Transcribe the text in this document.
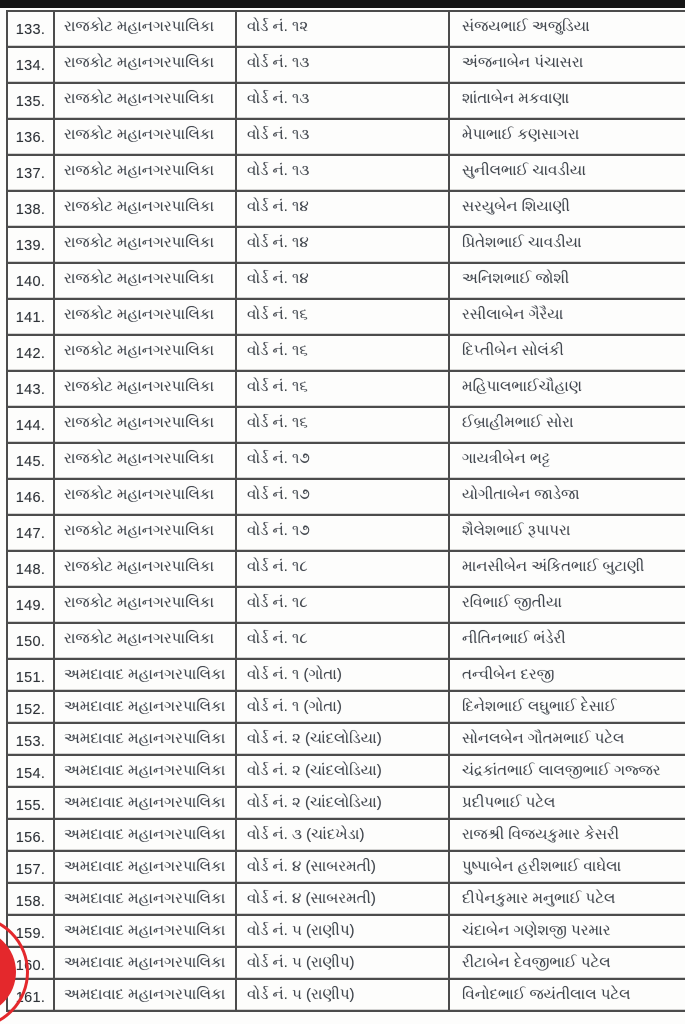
133.	રાજકોટ મહાનગરપાલિકા	વોર્ડ નં. ૧૨	સંજયભાઈ અજુડિયા
134.	રાજકોટ મહાનગરપાલિકા	વોર્ડ નં. ૧૩	અંજનાબેન પંચાસરા
135.	રાજકોટ મહાનગરપાલિકા	વોર્ડ નં. ૧૩	શાંતાબેન મકવાણા
136.	રાજકોટ મહાનગરપાલિકા	વોર્ડ નં. ૧૩	મેપાભાઈ કણસાગરા
137.	રાજકોટ મહાનગરપાલિકા	વોર્ડ નં. ૧૩	સુનીલભાઈ ચાવડીયા
138.	રાજકોટ મહાનગરપાલિકા	વોર્ડ નં. ૧૪	સરયુબેન શિયાણી
139.	રાજકોટ મહાનગરપાલિકા	વોર્ડ નં. ૧૪	પ્રિતેશભાઈ ચાવડીયા
140.	રાજકોટ મહાનગરપાલિકા	વોર્ડ નં. ૧૪	અનિશભાઈ જોશી
141.	રાજકોટ મહાનગરપાલિકા	વોર્ડ નં. ૧૬	રસીલાબેન ગૈરૈયા
142.	રાજકોટ મહાનગરપાલિકા	વોર્ડ નં. ૧૬	દિપ્તીબેન સોલંકી
143.	રાજકોટ મહાનગરપાલિકા	વોર્ડ નં. ૧૬	મહિપાલભાઈચૌહાણ
144.	રાજકોટ મહાનગરપાલિકા	વોર્ડ નં. ૧૬	ઈબ્રાહીમભાઈ સોરા
145.	રાજકોટ મહાનગરપાલિકા	વોર્ડ નં. ૧૭	ગાયત્રીબેન ભટ્ટ
146.	રાજકોટ મહાનગરપાલિકા	વોર્ડ નં. ૧૭	યોગીતાબેન જાડેજા
147.	રાજકોટ મહાનગરપાલિકા	વોર્ડ નં. ૧૭	શૈલેશભાઈ રૂપાપરા
148.	રાજકોટ મહાનગરપાલિકા	વોર્ડ નં. ૧૮	માનસીબેન અંકિતભાઈ બુટાણી
149.	રાજકોટ મહાનગરપાલિકા	વોર્ડ નં. ૧૮	રવિભાઈ જીતીયા
150.	રાજકોટ મહાનગરપાલિકા	વોર્ડ નં. ૧૮	નીતિનભાઈ ભંડેરી
151.	અમદાવાદ મહાનગરપાલિકા	વોર્ડ નં. ૧ (ગોતા)	તન્વીબેન દરજી
152.	અમદાવાદ મહાનગરપાલિકા	વોર્ડ નં. ૧ (ગોતા)	દિનેશભાઈ લઘુભાઈ દેસાઈ
153.	અમદાવાદ મહાનગરપાલિકા	વોર્ડ નં. ૨ (ચાંદલોડિયા)	સોનલબેન ગૌતમભાઈ પટેલ
154.	અમદાવાદ મહાનગરપાલિકા	વોર્ડ નં. ૨ (ચાંદલોડિયા)	ચંદ્રકાંતભાઈ લાલજીભાઈ ગજ્જર
155.	અમદાવાદ મહાનગરપાલિકા	વોર્ડ નં. ૨ (ચાંદલોડિયા)	પ્રદીપભાઈ પટેલ
156.	અમદાવાદ મહાનગરપાલિકા	વોર્ડ નં. ૩ (ચાંદખેડા)	રાજશ્રી વિજયકુમાર કેસરી
157.	અમદાવાદ મહાનગરપાલિકા	વોર્ડ નં. ૪ (સાબરમતી)	પુષ્પાબેન હરીશભાઈ વાઘેલા
158.	અમદાવાદ મહાનગરપાલિકા	વોર્ડ નં. ૪ (સાબરમતી)	દીપેનકુમાર મનુભાઈ પટેલ
159.	અમદાવાદ મહાનગરપાલિકા	વોર્ડ નં. ૫ (રાણીપ)	ચંદાબેન ગણેશજી પરમાર
160.	અમદાવાદ મહાનગરપાલિકા	વોર્ડ નં. ૫ (રાણીપ)	રીટાબેન દેવજીભાઈ પટેલ
161.	અમદાવાદ મહાનગરપાલિકા	વોર્ડ નં. ૫ (રાણીપ)	વિનોદભાઈ જયંતીલાલ પટેલ
